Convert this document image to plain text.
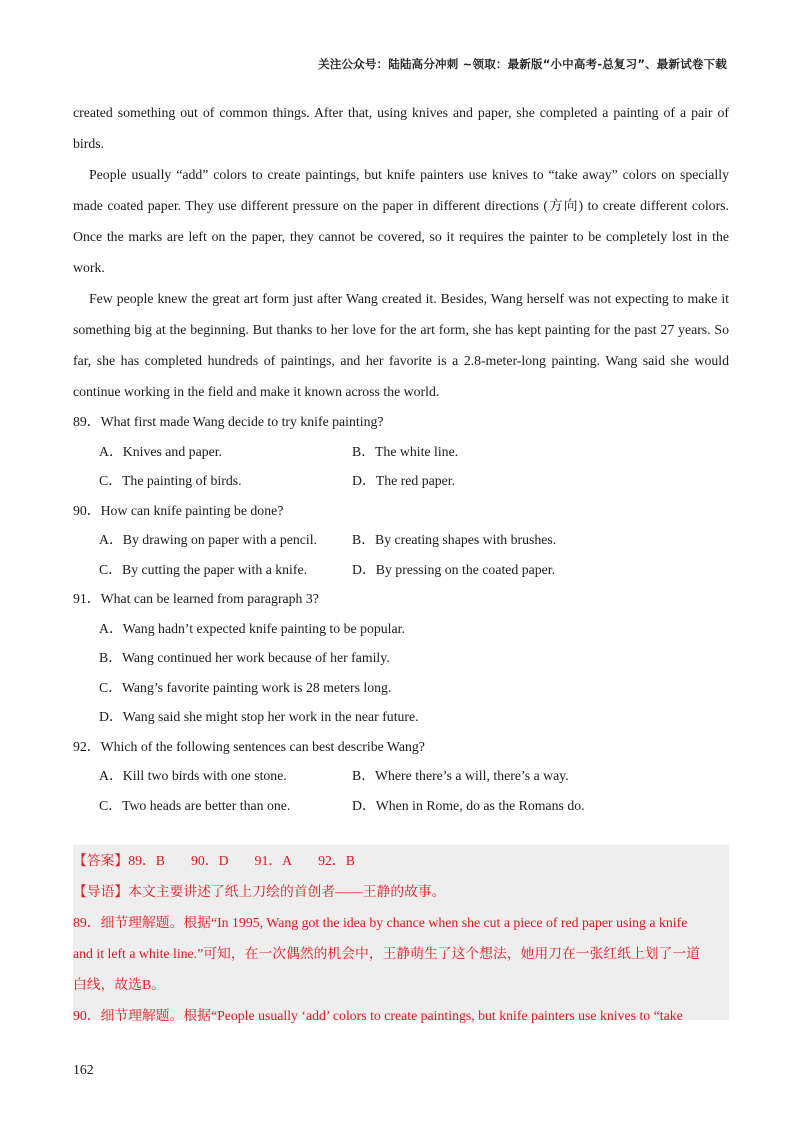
关注公众号：陆陆高分冲刺 ~领取：最新版“小中高考-总复习”、最新试卷下载

created something out of common things. After that, using knives and paper, she completed a painting of a pair of birds.

People usually “add” colors to create paintings, but knife painters use knives to “take away” colors on specially made coated paper. They use different pressure on the paper in different directions (方向) to create different colors. Once the marks are left on the paper, they cannot be covered, so it requires the painter to be completely lost in the work.

Few people knew the great art form just after Wang created it. Besides, Wang herself was not expecting to make it something big at the beginning. But thanks to her love for the art form, she has kept painting for the past 27 years. So far, she has completed hundreds of paintings, and her favorite is a 2.8-meter-long painting. Wang said she would continue working in the field and make it known across the world.

89．What first made Wang decide to try knife painting?

A．Knives and paper.	B．The white line.
C．The painting of birds.	D．The red paper.

90．How can knife painting be done?

A．By drawing on paper with a pencil.	B．By creating shapes with brushes.
C．By cutting the paper with a knife.	D．By pressing on the coated paper.

91．What can be learned from paragraph 3?

A．Wang hadn’t expected knife painting to be popular.
B．Wang continued her work because of her family.
C．Wang’s favorite painting work is 28 meters long.
D．Wang said she might stop her work in the near future.

92．Which of the following sentences can best describe Wang?

A．Kill two birds with one stone.	B．Where there’s a will, there’s a way.
C．Two heads are better than one.	D．When in Rome, do as the Romans do.

【答案】89．B 90．D 91．A 92．B

【导语】本文主要讲述了纸上刀绘的首创者——王静的故事。

89．细节理解题。根据“In 1995, Wang got the idea by chance when she cut a piece of red paper using a knife

and it left a white line.”可知，在一次偶然的机会中，王静萌生了这个想法，她用刀在一张红纸上划了一道

白线，故选B。

90．细节理解题。根据“People usually ‘add’ colors to create paintings, but knife painters use knives to “take

162
